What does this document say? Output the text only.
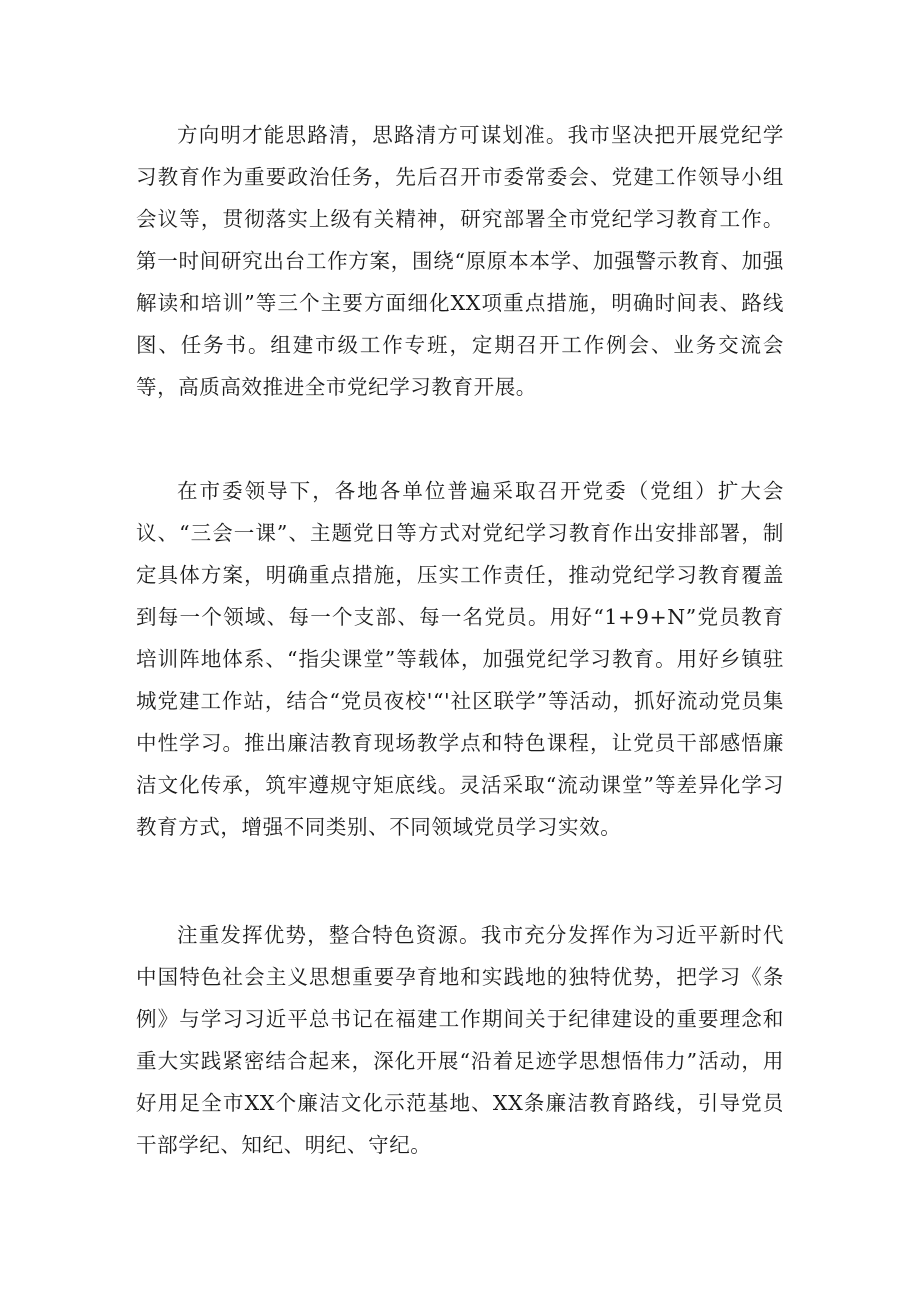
方向明才能思路清，思路清方可谋划准。我市坚决把开展党纪学习教育作为重要政治任务，先后召开市委常委会、党建工作领导小组会议等，贯彻落实上级有关精神，研究部署全市党纪学习教育工作。第一时间研究出台工作方案，围绕“原原本本学、加强警示教育、加强解读和培训”等三个主要方面细化XX项重点措施，明确时间表、路线图、任务书。组建市级工作专班，定期召开工作例会、业务交流会等，高质高效推进全市党纪学习教育开展。

在市委领导下，各地各单位普遍采取召开党委（党组）扩大会议、“三会一课”、主题党日等方式对党纪学习教育作出安排部署，制定具体方案，明确重点措施，压实工作责任，推动党纪学习教育覆盖到每一个领域、每一个支部、每一名党员。用好“1+9+N”党员教育培训阵地体系、“指尖课堂”等载体，加强党纪学习教育。用好乡镇驻城党建工作站，结合“党员夜校'“'社区联学”等活动，抓好流动党员集中性学习。推出廉洁教育现场教学点和特色课程，让党员干部感悟廉洁文化传承，筑牢遵规守矩底线。灵活采取“流动课堂”等差异化学习教育方式，增强不同类别、不同领域党员学习实效。

注重发挥优势，整合特色资源。我市充分发挥作为习近平新时代中国特色社会主义思想重要孕育地和实践地的独特优势，把学习《条例》与学习习近平总书记在福建工作期间关于纪律建设的重要理念和重大实践紧密结合起来，深化开展“沿着足迹学思想悟伟力”活动，用好用足全市XX个廉洁文化示范基地、XX条廉洁教育路线，引导党员干部学纪、知纪、明纪、守纪。
